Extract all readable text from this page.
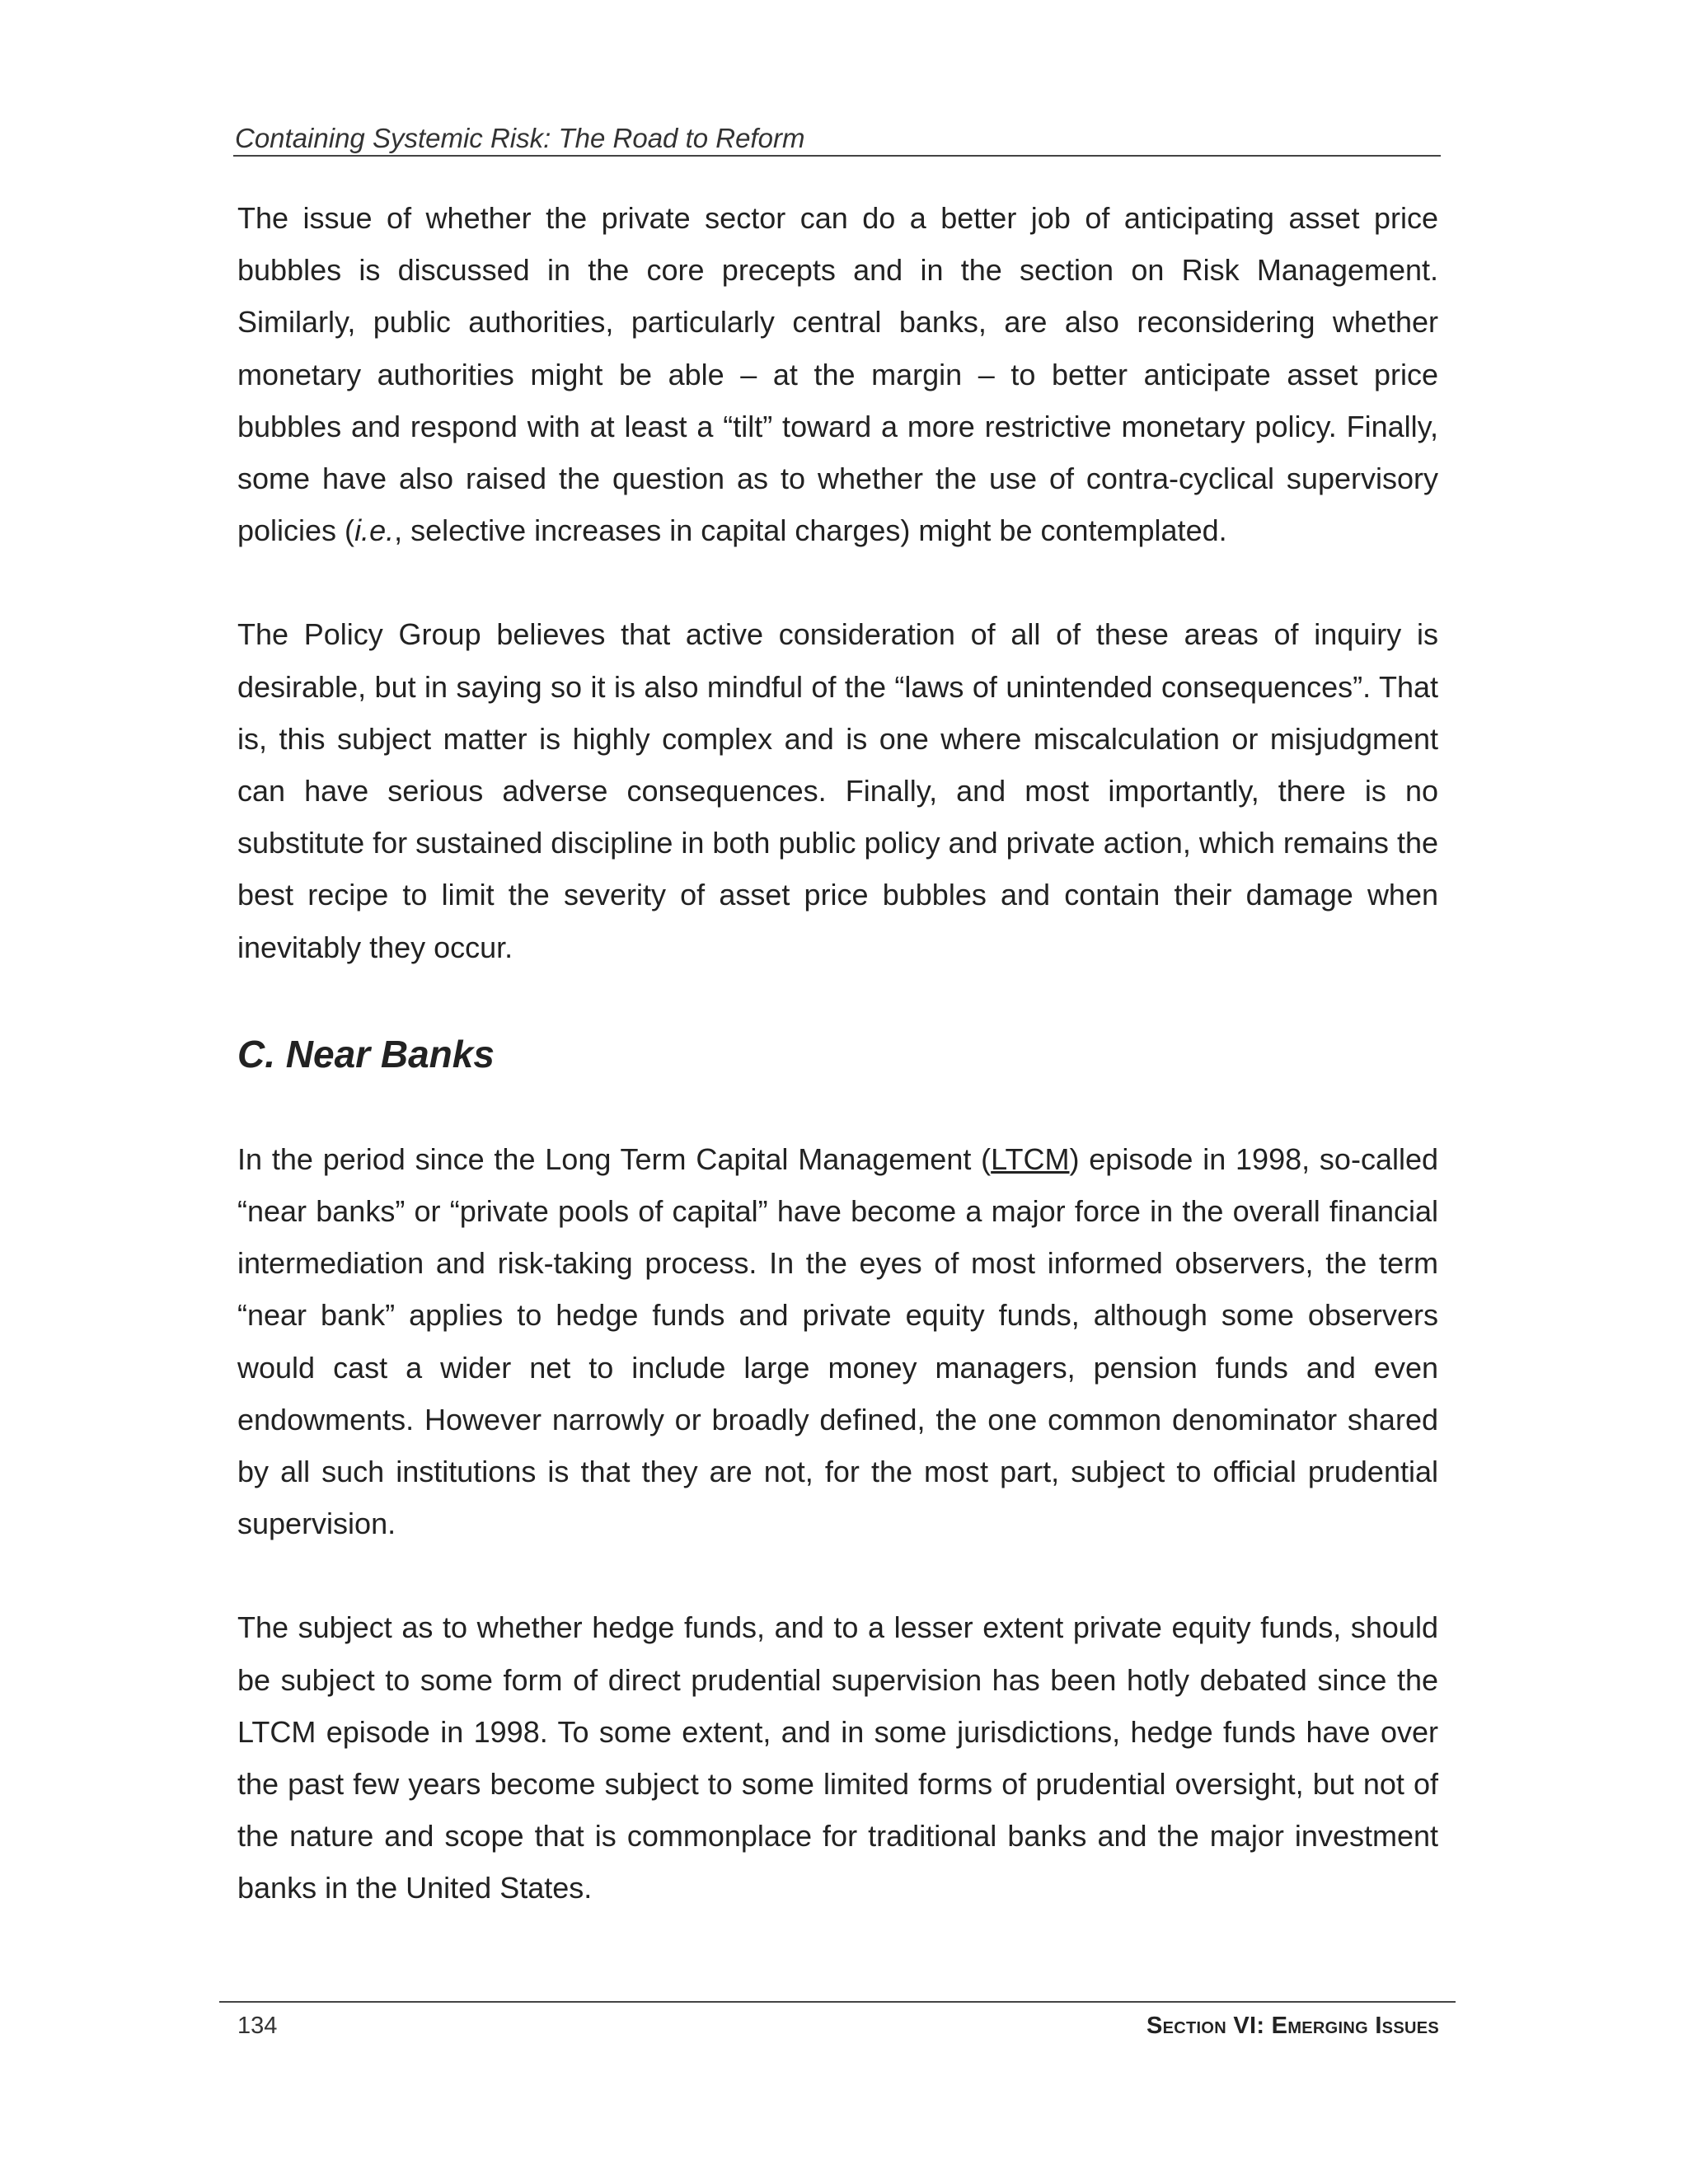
Containing Systemic Risk: The Road to Reform

The issue of whether the private sector can do a better job of anticipating asset price bubbles is discussed in the core precepts and in the section on Risk Management. Similarly, public authorities, particularly central banks, are also reconsidering whether monetary authorities might be able – at the margin – to better anticipate asset price bubbles and respond with at least a “tilt” toward a more restrictive monetary policy. Finally, some have also raised the question as to whether the use of contra-cyclical supervisory policies (i.e., selective increases in capital charges) might be contemplated.

The Policy Group believes that active consideration of all of these areas of inquiry is desirable, but in saying so it is also mindful of the “laws of unintended consequences”. That is, this subject matter is highly complex and is one where miscalculation or misjudgment can have serious adverse consequences. Finally, and most importantly, there is no substitute for sustained discipline in both public policy and private action, which remains the best recipe to limit the severity of asset price bubbles and contain their damage when inevitably they occur.

C. Near Banks

In the period since the Long Term Capital Management (LTCM) episode in 1998, so-called “near banks” or “private pools of capital” have become a major force in the overall financial intermediation and risk-taking process. In the eyes of most informed observers, the term “near bank” applies to hedge funds and private equity funds, although some observers would cast a wider net to include large money managers, pension funds and even endowments. However narrowly or broadly defined, the one common denominator shared by all such institutions is that they are not, for the most part, subject to official prudential supervision.

The subject as to whether hedge funds, and to a lesser extent private equity funds, should be subject to some form of direct prudential supervision has been hotly debated since the LTCM episode in 1998. To some extent, and in some jurisdictions, hedge funds have over the past few years become subject to some limited forms of prudential oversight, but not of the nature and scope that is commonplace for traditional banks and the major investment banks in the United States.

134	Section VI: Emerging Issues
